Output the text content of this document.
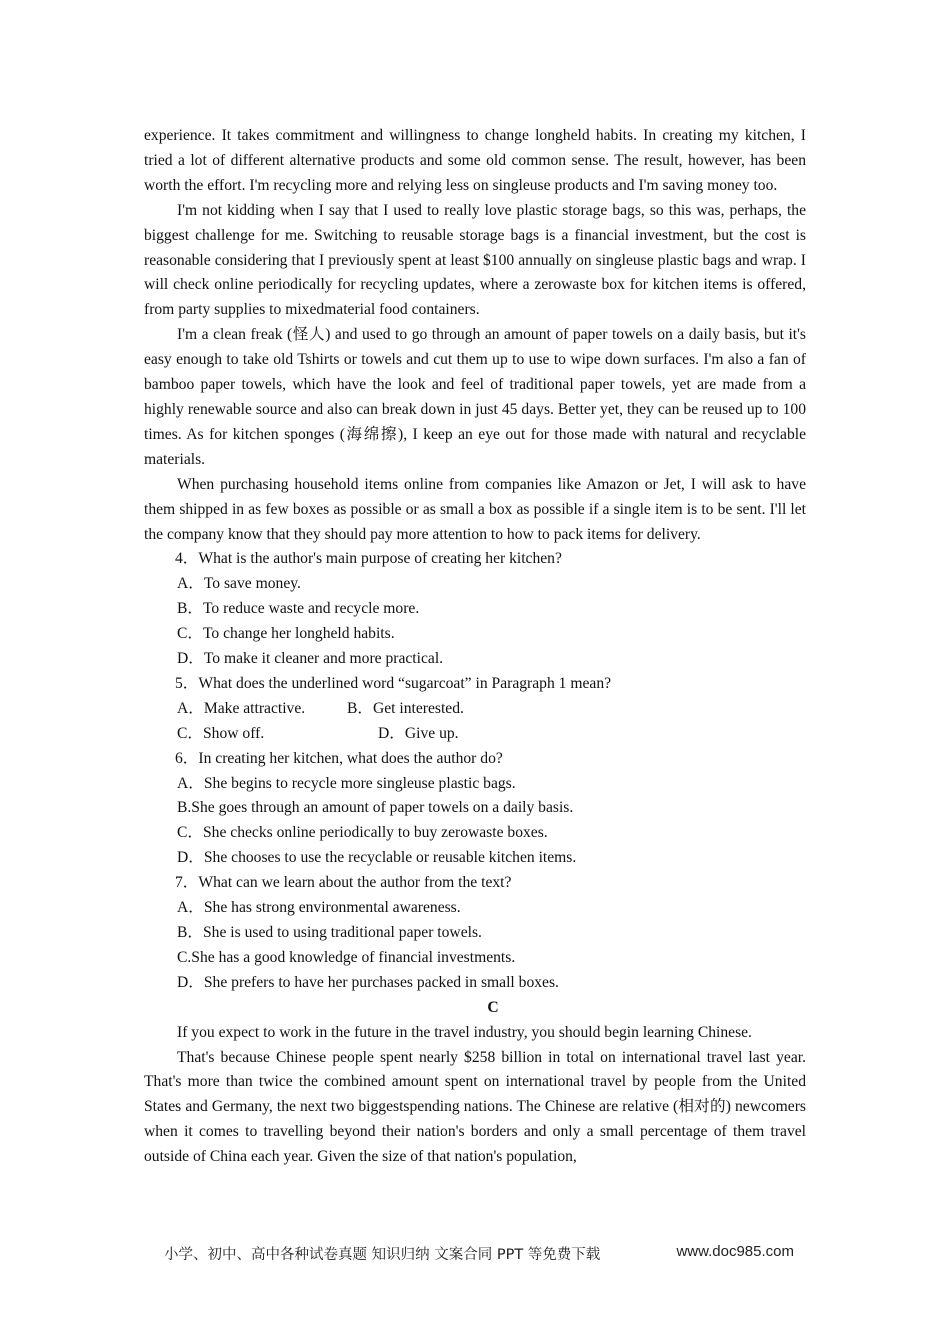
experience. It takes commitment and willingness to change longheld habits. In creating my kitchen, I tried a lot of different alternative products and some old common sense. The result, however, has been worth the effort. I'm recycling more and relying less on singleuse products and I'm saving money too.

I'm not kidding when I say that I used to really love plastic storage bags, so this was, perhaps, the biggest challenge for me. Switching to reusable storage bags is a financial investment, but the cost is reasonable considering that I previously spent at least $100 annually on singleuse plastic bags and wrap. I will check online periodically for recycling updates, where a zerowaste box for kitchen items is offered, from party supplies to mixedmaterial food containers.

I'm a clean freak (怪人) and used to go through an amount of paper towels on a daily basis, but it's easy enough to take old Tshirts or towels and cut them up to use to wipe down surfaces. I'm also a fan of bamboo paper towels, which have the look and feel of traditional paper towels, yet are made from a highly renewable source and also can break down in just 45 days. Better yet, they can be reused up to 100 times. As for kitchen sponges (海绵擦), I keep an eye out for those made with natural and recyclable materials.

When purchasing household items online from companies like Amazon or Jet, I will ask to have them shipped in as few boxes as possible or as small a box as possible if a single item is to be sent. I'll let the company know that they should pay more attention to how to pack items for delivery.

4．What is the author's main purpose of creating her kitchen?

A．To save money.

B．To reduce waste and recycle more.

C．To change her longheld habits.

D．To make it cleaner and more practical.

5．What does the underlined word “sugarcoat” in Paragraph 1 mean?

A．Make attractive.	B．Get interested.
C．Show off.	D．Give up.

6．In creating her kitchen, what does the author do?

A．She begins to recycle more singleuse plastic bags.

B.She goes through an amount of paper towels on a daily basis.

C．She checks online periodically to buy zerowaste boxes.

D．She chooses to use the recyclable or reusable kitchen items.

7．What can we learn about the author from the text?

A．She has strong environmental awareness.

B．She is used to using traditional paper towels.

C.She has a good knowledge of financial investments.

D．She prefers to have her purchases packed in small boxes.

C

If you expect to work in the future in the travel industry, you should begin learning Chinese.

That's because Chinese people spent nearly $258 billion in total on international travel last year. That's more than twice the combined amount spent on international travel by people from the United States and Germany, the next two biggestspending nations. The Chinese are relative (相对的) newcomers when it comes to travelling beyond their nation's borders and only a small percentage of them travel outside of China each year. Given the size of that nation's population,

小学、初中、高中各种试卷真题 知识归纳 文案合同 PPT 等免费下载	www.doc985.com
